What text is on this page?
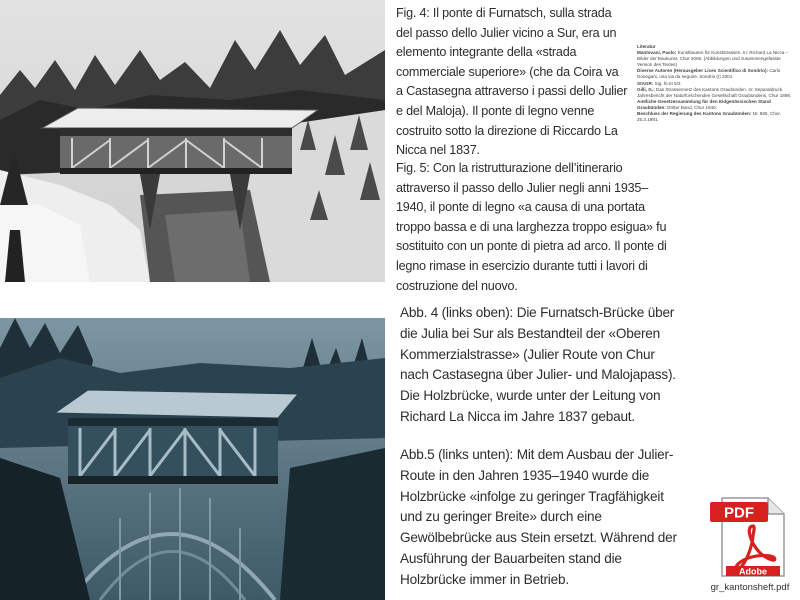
Fig. 4: Il ponte di Furnatsch, sulla strada del passo dello Julier vicino a Sur, era un elemento integrante della «strada commerciale superiore» (che da Coira va a Castasegna attraverso i passi dello Julier e del Maloja). Il ponte di legno venne costruito sotto la direzione di Riccardo La Nicca nel 1837.

Fig. 5: Con la ristrutturazione dell’itinerario attraverso il passo dello Julier negli anni 1935–1940, il ponte di legno «a causa di una portata troppo bassa e di una larghezza troppo esigua» fu sostituito con un ponte di pietra ad arco. Il ponte di legno rimase in esercizio durante tutti i lavori di costruzione del nuovo.

Literatur
Mantovani, Paolo: Kunstbauten für Kunststrassen. In: Richard La Nicca – Bilder der Baukunst, Chur 2006. (Abbildungen und zusammengefasste Version des Textes).
Diverse Autoren (Herausgeber Liceo Scientifico di Sondrio): Carlo Donegani, una via da seguire, Sondrio (I) 2001.
StAGR: Sig. fe.III 5/2.
Gilli, G.: Das Strassennetz des Kantons Graubünden. In: Separatdruck Jahresbericht der Naturforschenden Gesellschaft Graubündens, Chur 1898.
Amtliche Gesetzessammlung für den Eidgenössischen Stand Graubünden: Dritter Band, Chur 1840.
Beschluss der Regierung des Kantons Graubünden: Nr. 865, Chur, 25.3.1991.

Abb. 4 (links oben): Die Furnatsch-Brücke über die Julia bei Sur als Bestandteil der «Oberen Kommerzialstrasse» (Julier Route von Chur nach Castasegna über Julier- und Malojapass). Die Holzbrücke, wurde unter der Leitung von Richard La Nicca im Jahre 1837 gebaut.

Abb.5 (links unten): Mit dem Ausbau der Julier-Route in den Jahren 1935–1940 wurde die Holzbrücke «infolge zu geringer Tragfähigkeit und zu geringer Breite» durch eine Gewölbebrücke aus Stein ersetzt. Während der Ausführung der Bauarbeiten stand die Holzbrücke immer in Betrieb.

PDF
Adobe
gr_kantonsheft.pdf
